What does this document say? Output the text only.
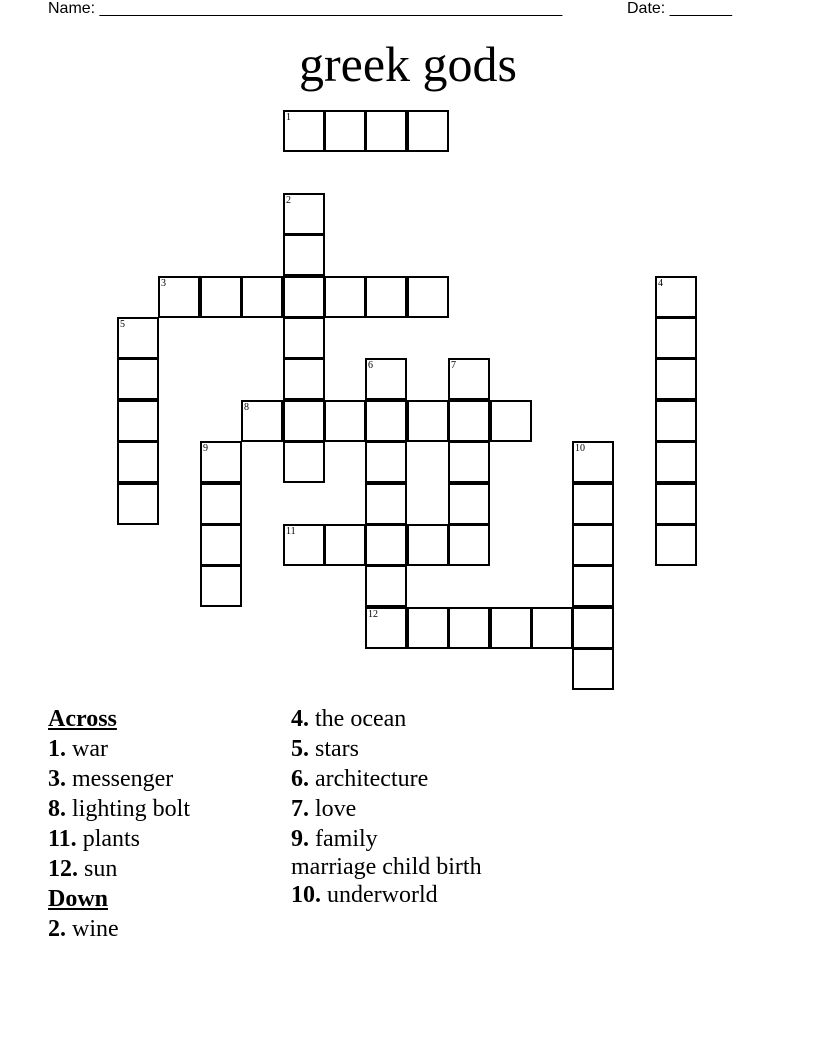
Name: ____________________________________________________	Date: _______
greek gods
1
2
3	4
5
6
12
7
8
9	10
11
Across
1. war
3. messenger
8. lighting bolt
11. plants
12. sun
Down
2. wine
4. the ocean
5. stars
6. architecture
7. love
9. family
marriage child birth
10. underworld
